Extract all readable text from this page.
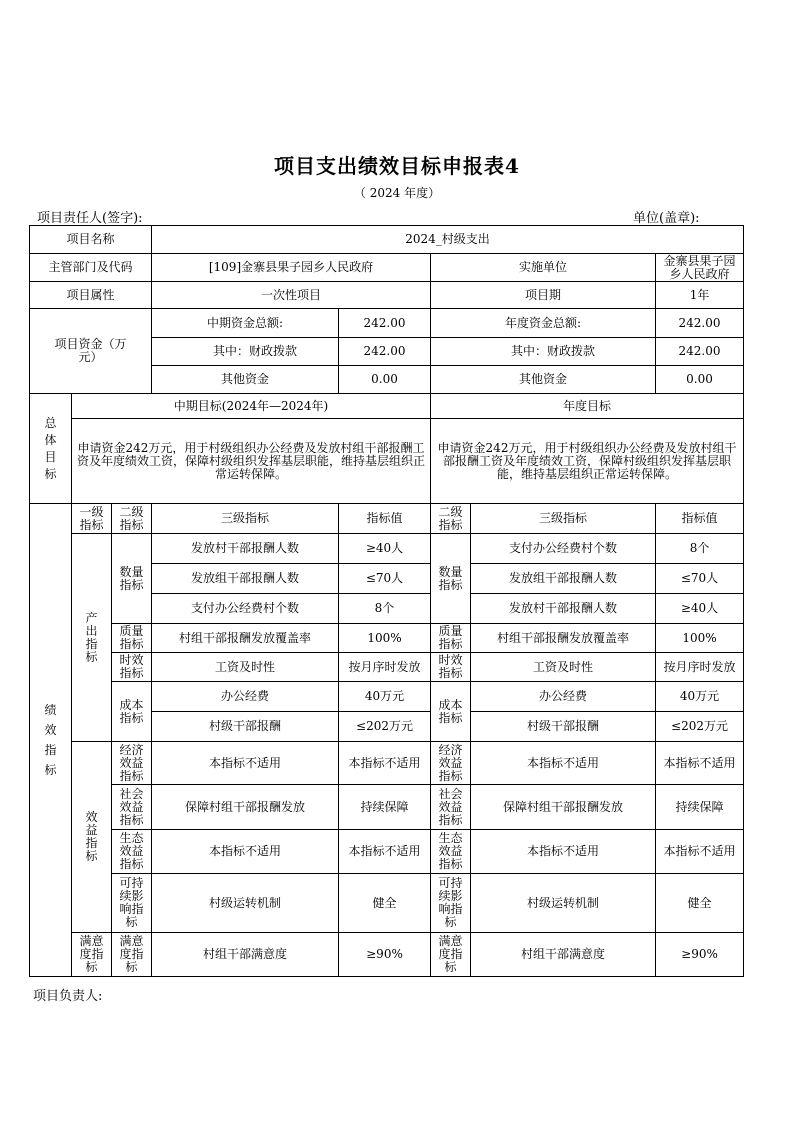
项目支出绩效目标申报表4
（ 2024 年度）
项目责任人(签字):	单位(盖章):
项目名称			2024_村级支出				
主管部门及代码			[109]金寨县果子园乡人民政府		实施单位		金寨县果子园乡人民政府
项目属性			一次性项目		项目期		1年
项目资金（万元）			中期资金总额:	242.00	年度资金总额:		242.00
			其中：财政拨款	242.00	其中：财政拨款		242.00
			其他资金	0.00	其他资金		0.00
总体目标	中期目标(2024年—2024年)				年度目标		
	申请资金242万元，用于村级组织办公经费及发放村组干部报酬工资及年度绩效工资，保障村级组织发挥基层职能，维持基层组织正常运转保障。				申请资金242万元，用于村级组织办公经费及发放村组干部报酬工资及年度绩效工资，保障村级组织发挥基层职能，维持基层组织正常运转保障。		
绩效指标	一级指标	二级指标	三级指标	指标值	二级指标	三级指标	指标值
	产出指标	数量指标	发放村干部报酬人数	≥40人	数量指标	支付办公经费村个数	8个
			发放组干部报酬人数	≤70人		发放组干部报酬人数	≤70人
			支付办公经费村个数	8个		发放村干部报酬人数	≥40人
		质量指标	村组干部报酬发放覆盖率	100%	质量指标	村组干部报酬发放覆盖率	100%
		时效指标	工资及时性	按月序时发放	时效指标	工资及时性	按月序时发放
		成本指标	办公经费	40万元	成本指标	办公经费	40万元
			村级干部报酬	≤202万元		村级干部报酬	≤202万元
	效益指标	经济效益指标	本指标不适用	本指标不适用	经济效益指标	本指标不适用	本指标不适用
		社会效益指标	保障村组干部报酬发放	持续保障	社会效益指标	保障村组干部报酬发放	持续保障
		生态效益指标	本指标不适用	本指标不适用	生态效益指标	本指标不适用	本指标不适用
		可持续影响指标	村级运转机制	健全	可持续影响指标	村级运转机制	健全
	满意度指标	满意度指标	村组干部满意度	≥90%	满意度指标	村组干部满意度	≥90%
项目负责人:
